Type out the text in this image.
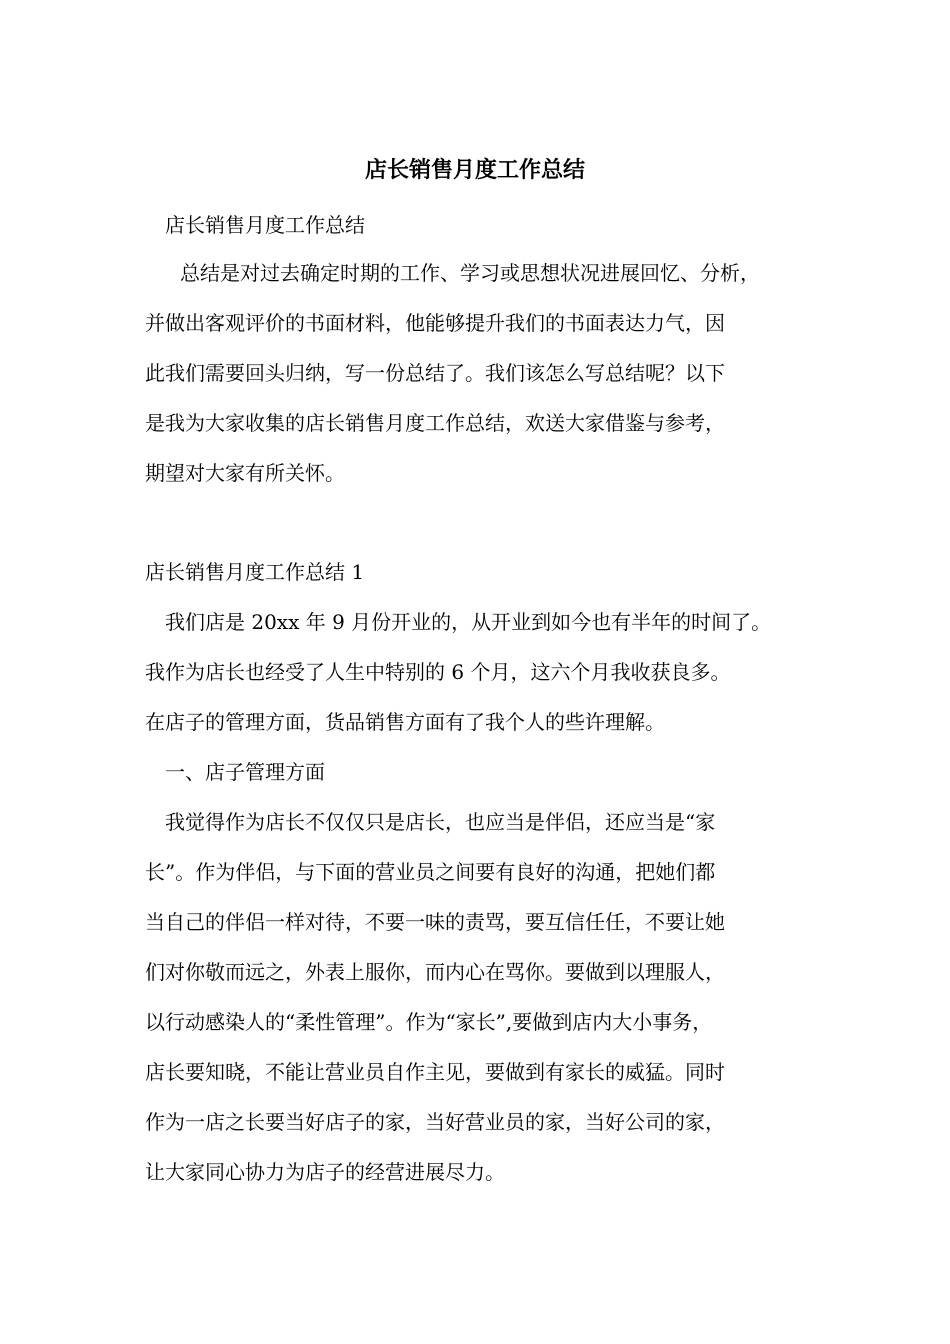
店长销售月度工作总结
店长销售月度工作总结
总结是对过去确定时期的工作、学习或思想状况进展回忆、分析，
并做出客观评价的书面材料，他能够提升我们的书面表达力气，因
此我们需要回头归纳，写一份总结了。我们该怎么写总结呢？以下
是我为大家收集的店长销售月度工作总结，欢送大家借鉴与参考，
期望对大家有所关怀。
店长销售月度工作总结 1
我们店是 20xx 年 9 月份开业的，从开业到如今也有半年的时间了。
我作为店长也经受了人生中特别的 6 个月，这六个月我收获良多。
在店子的管理方面，货品销售方面有了我个人的些许理解。
一、店子管理方面
我觉得作为店长不仅仅只是店长，也应当是伴侣，还应当是“家
长”。作为伴侣，与下面的营业员之间要有良好的沟通，把她们都
当自己的伴侣一样对待，不要一味的责骂，要互信任任，不要让她
们对你敬而远之，外表上服你，而内心在骂你。要做到以理服人，
以行动感染人的“柔性管理”。作为“家长”,要做到店内大小事务，
店长要知晓，不能让营业员自作主见，要做到有家长的威猛。同时
作为一店之长要当好店子的家，当好营业员的家，当好公司的家，
让大家同心协力为店子的经营进展尽力。
